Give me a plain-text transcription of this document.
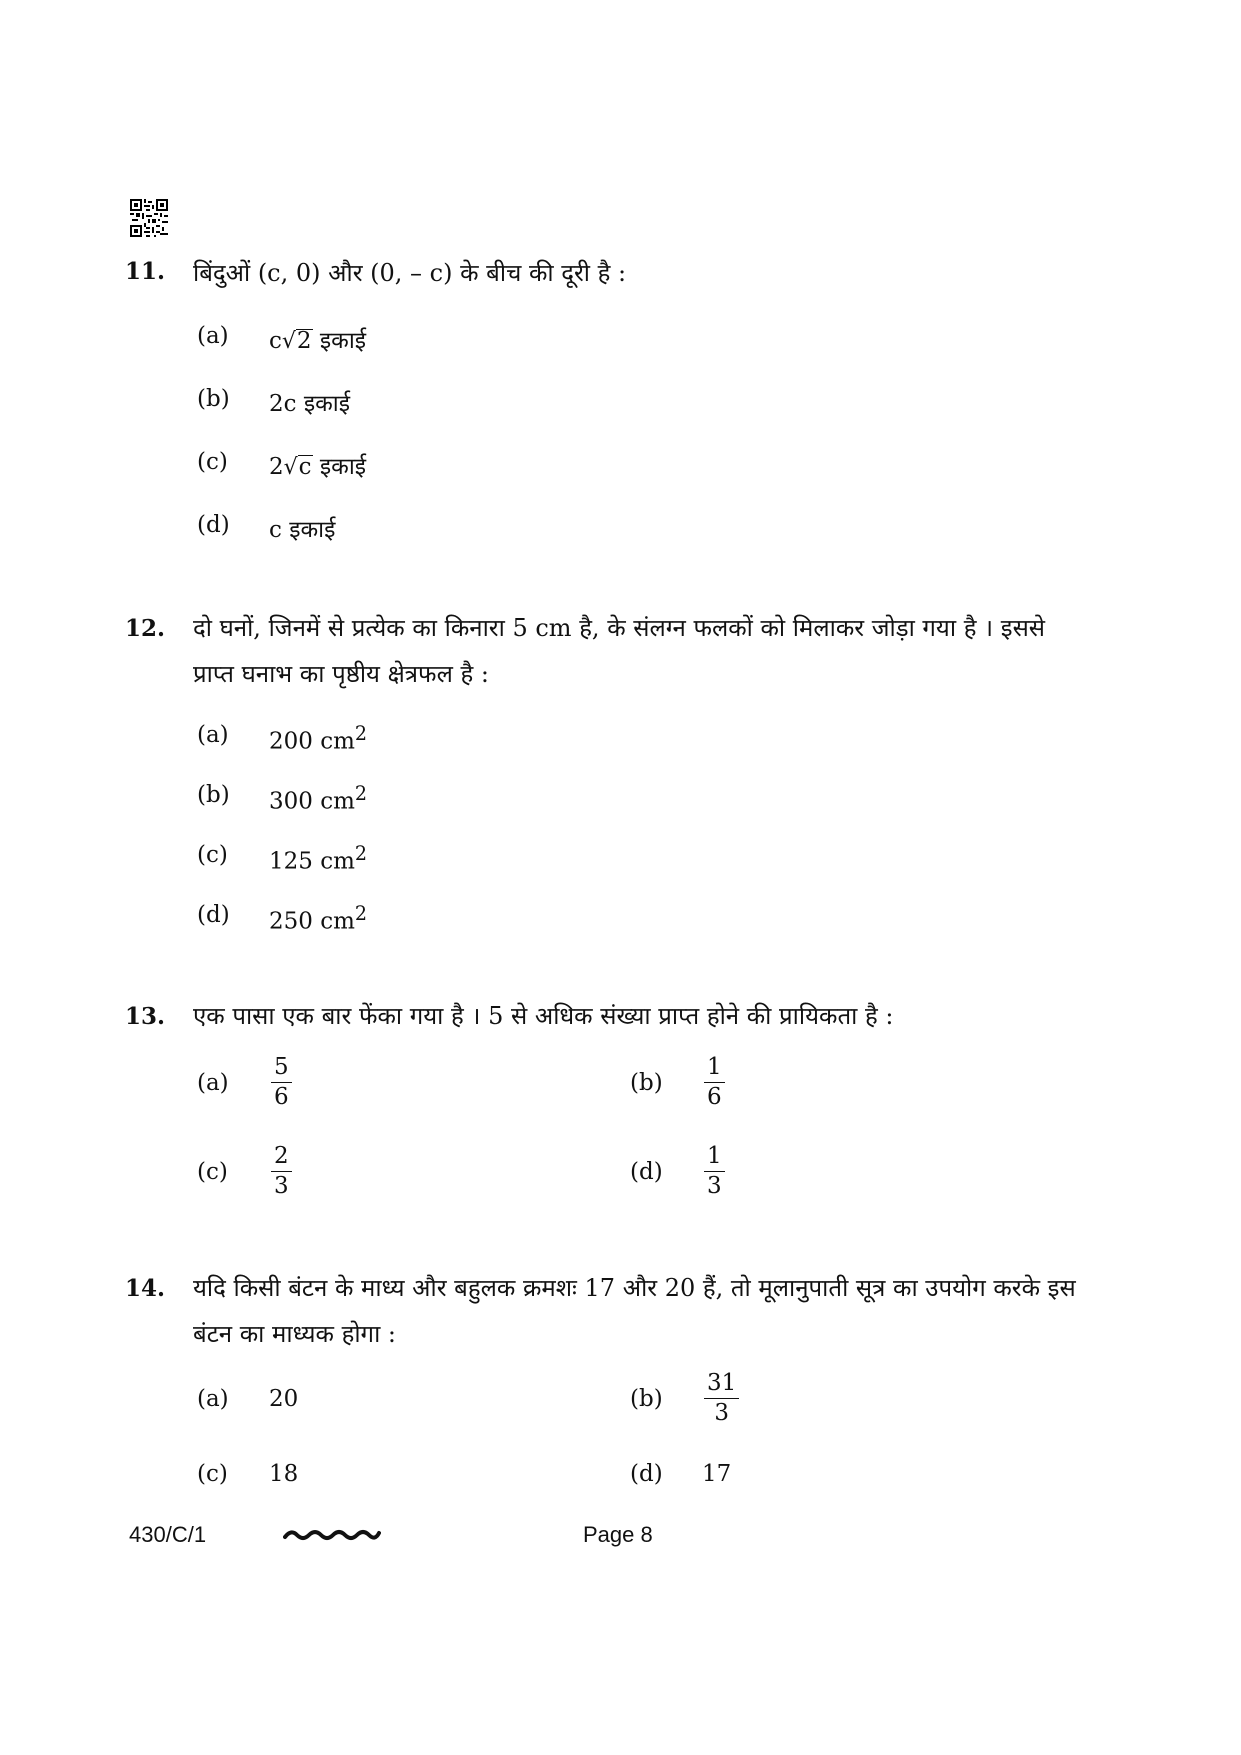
11. बिंदुओं (c, 0) और (0, – c) के बीच की दूरी है :
(a)	c√2 इकाई
(b)	2c इकाई
(c)	2√c इकाई
(d)	c इकाई
12. दो घनों, जिनमें से प्रत्येक का किनारा 5 cm है, के संलग्न फलकों को मिलाकर जोड़ा गया है । इससे प्राप्त घनाभ का पृष्ठीय क्षेत्रफल है :
(a)	200 $cm^2$
(b)	300 $cm^2$
(c)	125 $cm^2$
(d)	250 $cm^2$
13. एक पासा एक बार फेंका गया है । 5 से अधिक संख्या प्राप्त होने की प्रायिकता है :
(a)	$\frac{5}{6}$	(b)	$\frac{1}{6}$
(c)	$\frac{2}{3}$	(d)	$\frac{1}{3}$
14. यदि किसी बंटन के माध्य और बहुलक क्रमशः 17 और 20 हैं, तो मूलानुपाती सूत्र का उपयोग करके इस बंटन का माध्यक होगा :
(a)	20	(b)	$\frac{31}{3}$
(c)	18	(d)	17
430/C/1	Page 8
